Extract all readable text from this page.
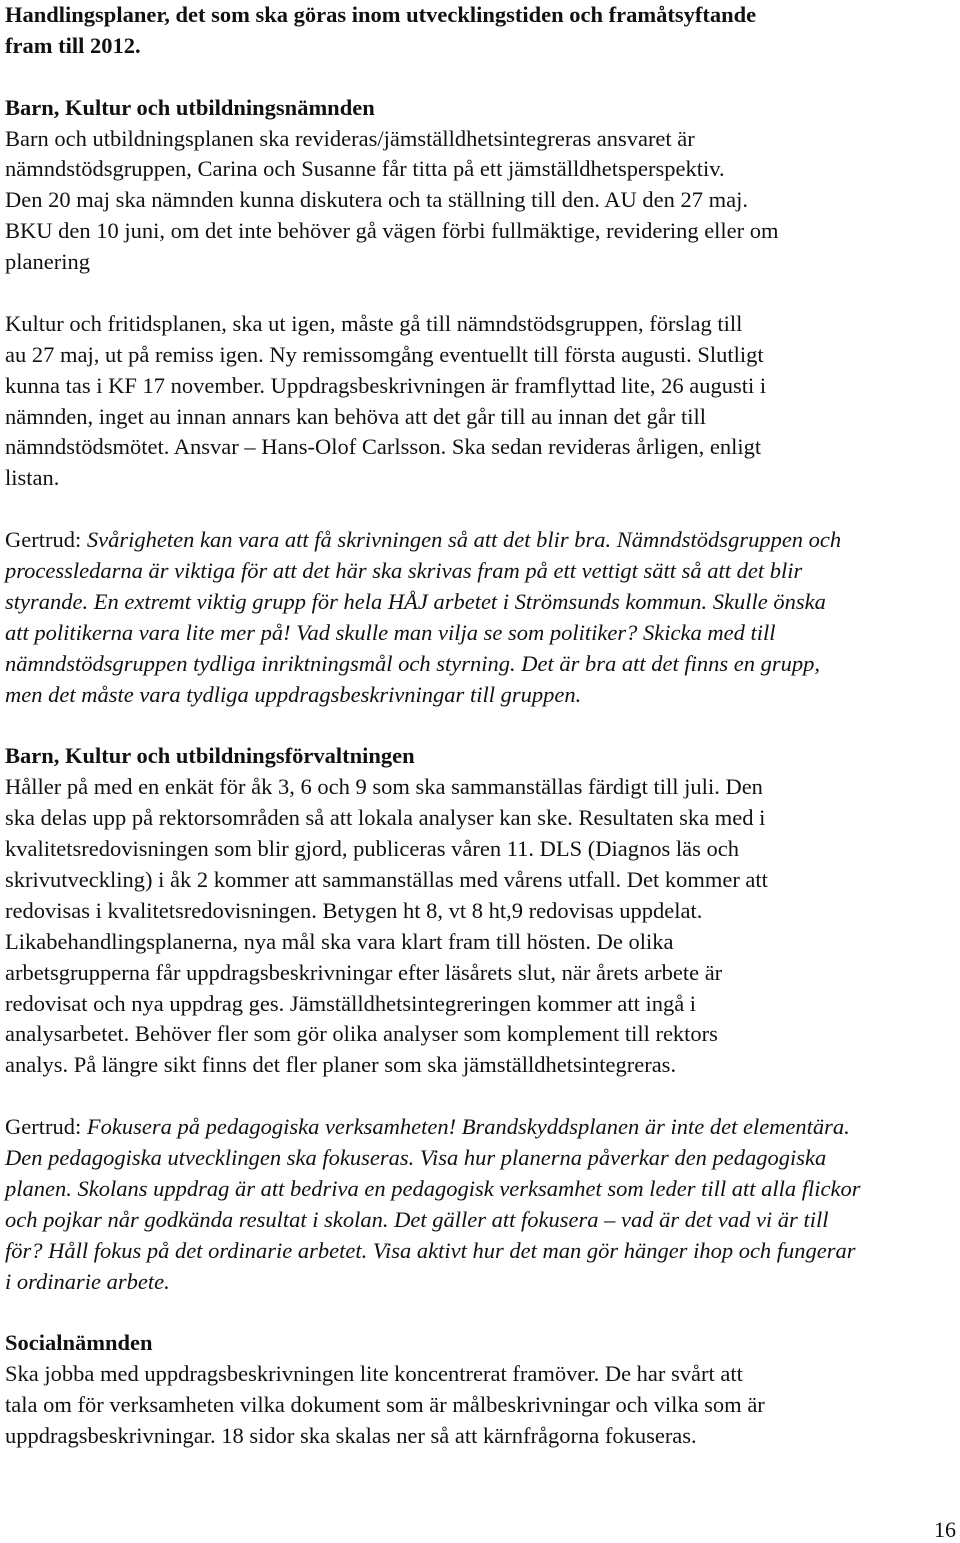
Handlingsplaner, det som ska göras inom utvecklingstiden och framåtsyftande
fram till 2012.
Barn, Kultur och utbildningsnämnden
Barn och utbildningsplanen ska revideras/jämställdhetsintegreras ansvaret är
nämndstödsgruppen, Carina och Susanne får titta på ett jämställdhetsperspektiv.
Den 20 maj ska nämnden kunna diskutera och ta ställning till den. AU den 27 maj.
BKU den 10 juni, om det inte behöver gå vägen förbi fullmäktige, revidering eller om
planering
Kultur och fritidsplanen, ska ut igen, måste gå till nämndstödsgruppen, förslag till
au 27 maj, ut på remiss igen. Ny remissomgång eventuellt till första augusti. Slutligt
kunna tas i KF 17 november. Uppdragsbeskrivningen är framflyttad lite, 26 augusti i
nämnden, inget au innan annars kan behöva att det går till au innan det går till
nämndstödsmötet. Ansvar – Hans-Olof Carlsson. Ska sedan revideras årligen, enligt
listan.
Gertrud: Svårigheten kan vara att få skrivningen så att det blir bra. Nämndstödsgruppen och
processledarna är viktiga för att det här ska skrivas fram på ett vettigt sätt så att det blir
styrande. En extremt viktig grupp för hela HÅJ arbetet i Strömsunds kommun. Skulle önska
att politikerna vara lite mer på! Vad skulle man vilja se som politiker? Skicka med till
nämndstödsgruppen tydliga inriktningsmål och styrning. Det är bra att det finns en grupp,
men det måste vara tydliga uppdragsbeskrivningar till gruppen.
Barn, Kultur och utbildningsförvaltningen
Håller på med en enkät för åk 3, 6 och 9 som ska sammanställas färdigt till juli. Den
ska delas upp på rektorsområden så att lokala analyser kan ske. Resultaten ska med i
kvalitetsredovisningen som blir gjord, publiceras våren 11. DLS (Diagnos läs och
skrivutveckling) i åk 2 kommer att sammanställas med vårens utfall. Det kommer att
redovisas i kvalitetsredovisningen. Betygen ht 8, vt 8 ht,9 redovisas uppdelat.
Likabehandlingsplanerna, nya mål ska vara klart fram till hösten. De olika
arbetsgrupperna får uppdragsbeskrivningar efter läsårets slut, när årets arbete är
redovisat och nya uppdrag ges. Jämställdhetsintegreringen kommer att ingå i
analysarbetet. Behöver fler som gör olika analyser som komplement till rektors
analys. På längre sikt finns det fler planer som ska jämställdhetsintegreras.
Gertrud: Fokusera på pedagogiska verksamheten! Brandskyddsplanen är inte det elementära.
Den pedagogiska utvecklingen ska fokuseras. Visa hur planerna påverkar den pedagogiska
planen. Skolans uppdrag är att bedriva en pedagogisk verksamhet som leder till att alla flickor
och pojkar når godkända resultat i skolan. Det gäller att fokusera – vad är det vad vi är till
för? Håll fokus på det ordinarie arbetet. Visa aktivt hur det man gör hänger ihop och fungerar
i ordinarie arbete.
Socialnämnden
Ska jobba med uppdragsbeskrivningen lite koncentrerat framöver. De har svårt att
tala om för verksamheten vilka dokument som är målbeskrivningar och vilka som är
uppdragsbeskrivningar. 18 sidor ska skalas ner så att kärnfrågorna fokuseras.
16
